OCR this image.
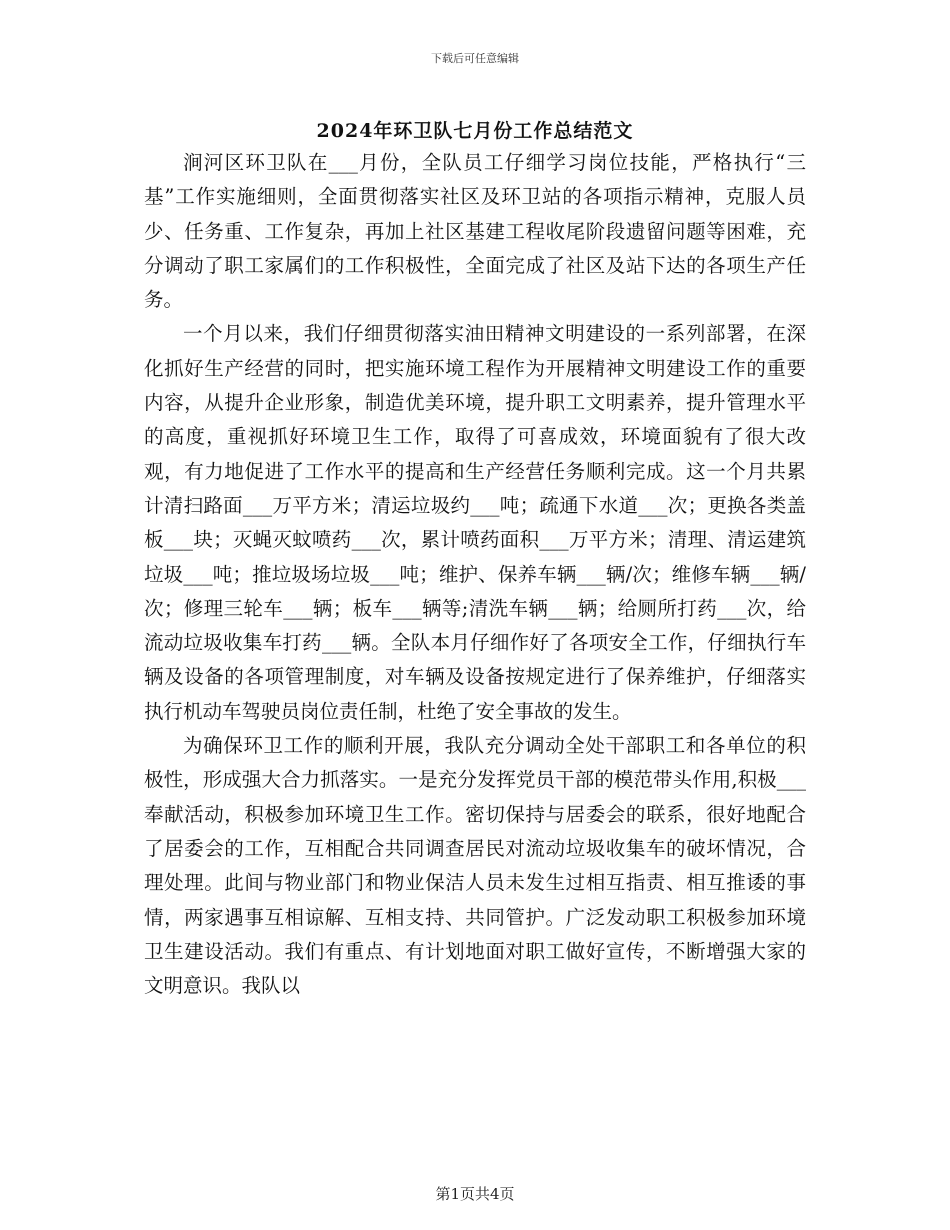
下载后可任意编辑
2024年环卫队七月份工作总结范文

涧河区环卫队在___月份，全队员工仔细学习岗位技能，严格执行“三基”工作实施细则，全面贯彻落实社区及环卫站的各项指示精神，克服人员少、任务重、工作复杂，再加上社区基建工程收尾阶段遗留问题等困难，充分调动了职工家属们的工作积极性，全面完成了社区及站下达的各项生产任务。

一个月以来，我们仔细贯彻落实油田精神文明建设的一系列部署，在深化抓好生产经营的同时，把实施环境工程作为开展精神文明建设工作的重要内容，从提升企业形象，制造优美环境，提升职工文明素养，提升管理水平的高度，重视抓好环境卫生工作，取得了可喜成效，环境面貌有了很大改观，有力地促进了工作水平的提高和生产经营任务顺利完成。这一个月共累计清扫路面___万平方米；清运垃圾约___吨；疏通下水道___次；更换各类盖板___块；灭蝇灭蚊喷药___次，累计喷药面积___万平方米；清理、清运建筑垃圾___吨；推垃圾场垃圾___吨；维护、保养车辆___辆/次；维修车辆___辆/次；修理三轮车___辆；板车___辆等;清洗车辆___辆；给厕所打药___次，给流动垃圾收集车打药___辆。全队本月仔细作好了各项安全工作，仔细执行车辆及设备的各项管理制度，对车辆及设备按规定进行了保养维护，仔细落实执行机动车驾驶员岗位责任制，杜绝了安全事故的发生。

为确保环卫工作的顺利开展，我队充分调动全处干部职工和各单位的积极性，形成强大合力抓落实。一是充分发挥党员干部的模范带头作用,积极___奉献活动，积极参加环境卫生工作。密切保持与居委会的联系，很好地配合了居委会的工作，互相配合共同调查居民对流动垃圾收集车的破坏情况，合理处理。此间与物业部门和物业保洁人员未发生过相互指责、相互推诿的事情，两家遇事互相谅解、互相支持、共同管护。广泛发动职工积极参加环境卫生建设活动。我们有重点、有计划地面对职工做好宣传，不断增强大家的文明意识。我队以

第1页共4页
